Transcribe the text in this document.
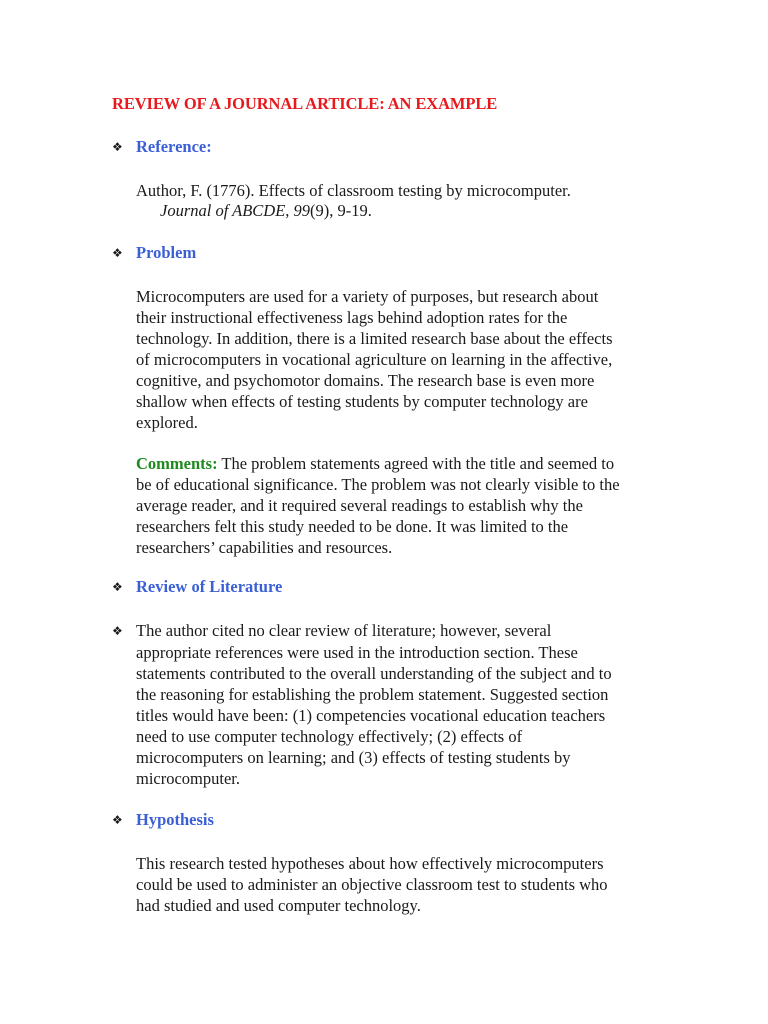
REVIEW OF A JOURNAL ARTICLE: AN EXAMPLE
❖ Reference:
Author, F. (1776). Effects of classroom testing by microcomputer.
Journal of ABCDE, 99(9), 9-19.
❖ Problem
Microcomputers are used for a variety of purposes, but research about
their instructional effectiveness lags behind adoption rates for the
technology. In addition, there is a limited research base about the effects
of microcomputers in vocational agriculture on learning in the affective,
cognitive, and psychomotor domains. The research base is even more
shallow when effects of testing students by computer technology are
explored.
Comments: The problem statements agreed with the title and seemed to
be of educational significance. The problem was not clearly visible to the
average reader, and it required several readings to establish why the
researchers felt this study needed to be done. It was limited to the
researchers’ capabilities and resources.
❖ Review of Literature
❖ The author cited no clear review of literature; however, several
appropriate references were used in the introduction section. These
statements contributed to the overall understanding of the subject and to
the reasoning for establishing the problem statement. Suggested section
titles would have been: (1) competencies vocational education teachers
need to use computer technology effectively; (2) effects of
microcomputers on learning; and (3) effects of testing students by
microcomputer.
❖ Hypothesis
This research tested hypotheses about how effectively microcomputers
could be used to administer an objective classroom test to students who
had studied and used computer technology.
